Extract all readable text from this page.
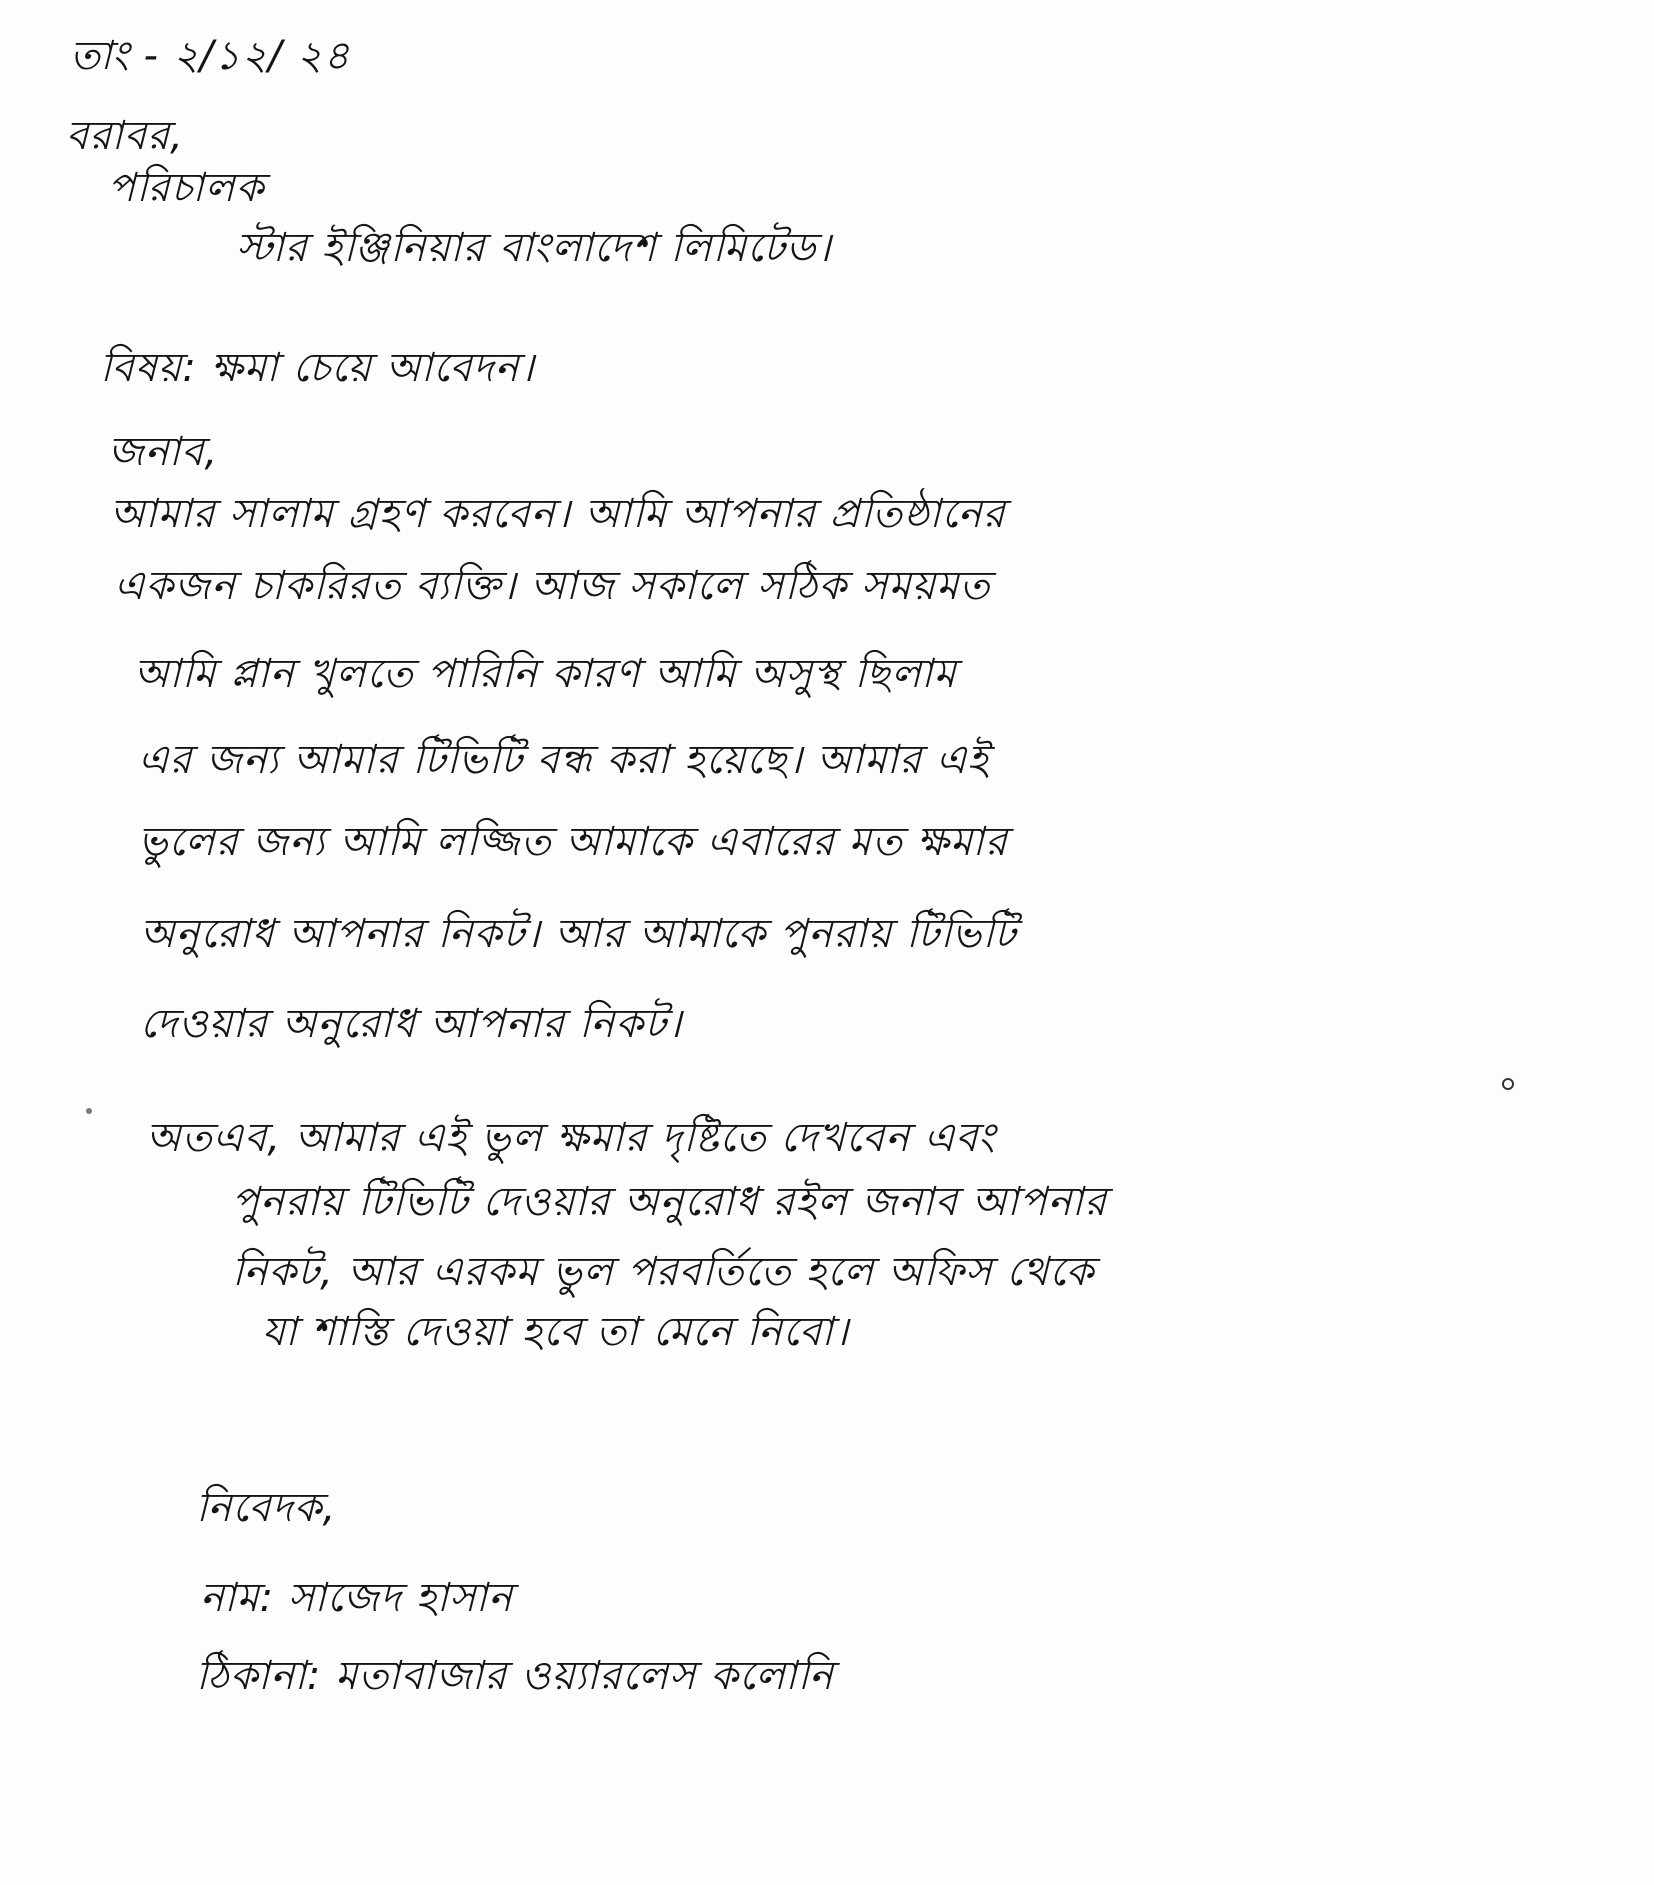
তাং - ২/১২/ ২৪
বরাবর,
পরিচালক
স্টার ইঞ্জিনিয়ার বাংলাদেশ লিমিটেড।
বিষয়: ক্ষমা চেয়ে আবেদন।
জনাব,
আমার সালাম গ্রহণ করবেন। আমি আপনার প্রতিষ্ঠানের
একজন চাকরিরত ব্যক্তি। আজ সকালে সঠিক সময়মত
আমি প্লান খুলতে পারিনি কারণ আমি অসুস্থ ছিলাম
এর জন্য আমার টিভিটি বন্ধ করা হয়েছে। আমার এই
ভুলের জন্য আমি লজ্জিত আমাকে এবারের মত ক্ষমার
অনুরোধ আপনার নিকট। আর আমাকে পুনরায় টিভিটি
দেওয়ার অনুরোধ আপনার নিকট।
অতএব, আমার এই ভুল ক্ষমার দৃষ্টিতে দেখবেন এবং
পুনরায় টিভিটি দেওয়ার অনুরোধ রইল জনাব আপনার
নিকট, আর এরকম ভুল পরবর্তিতে হলে অফিস থেকে
যা শাস্তি দেওয়া হবে তা মেনে নিবো।
নিবেদক,
নাম: সাজেদ হাসান
ঠিকানা: মতাবাজার ওয়্যারলেস কলোনি
